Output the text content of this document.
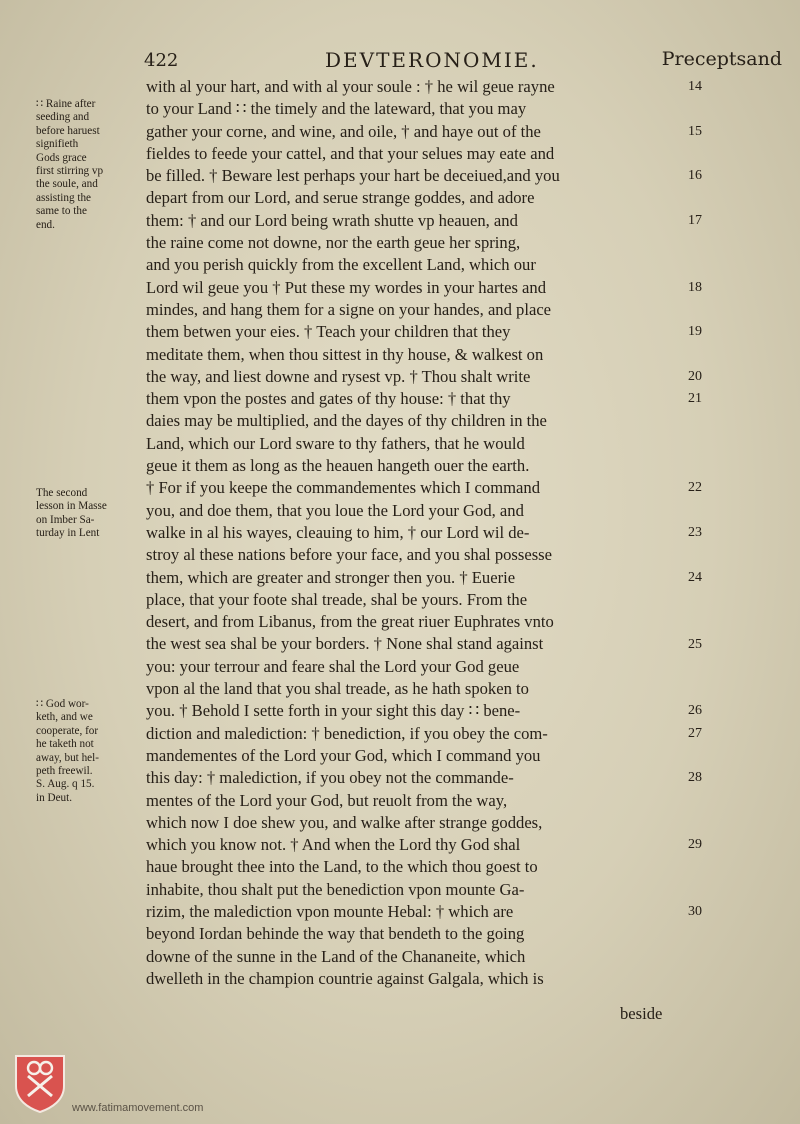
422	DEVTERONOMIE.	Preceptsand
with al your hart, and with al your soule : † he wil geue rayne
to your Land ∷ the timely and the lateward, that you may
gather your corne, and wine, and oile, † and haye out of the
fieldes to feede your cattel, and that your selues may eate and
be filled. † Beware lest perhaps your hart be deceiued,and you
depart from our Lord, and serue strange goddes, and adore
them: † and our Lord being wrath shutte vp heauen, and
the raine come not downe, nor the earth geue her spring,
and you perish quickly from the excellent Land, which our
Lord wil geue you † Put these my wordes in your hartes and
mindes, and hang them for a signe on your handes, and place
them betwen your eies. † Teach your children that they
meditate them, when thou sittest in thy house, & walkest on
the way, and liest downe and rysest vp. † Thou shalt write
them vpon the postes and gates of thy house: † that thy
daies may be multiplied, and the dayes of thy children in the
Land, which our Lord sware to thy fathers, that he would
geue it them as long as the heauen hangeth ouer the earth.
† For if you keepe the commandementes which I command
you, and doe them, that you loue the Lord your God, and
walke in al his wayes, cleauing to him, † our Lord wil de-
stroy al these nations before your face, and you shal possesse
them, which are greater and stronger then you. † Euerie
place, that your foote shal treade, shal be yours. From the
desert, and from Libanus, from the great riuer Euphrates vnto
the west sea shal be your borders. † None shal stand against
you: your terrour and feare shal the Lord your God geue
vpon al the land that you shal treade, as he hath spoken to
you. † Behold I sette forth in your sight this day ∷ bene-
diction and malediction: † benediction, if you obey the com-
mandementes of the Lord your God, which I command you
this day: † malediction, if you obey not the commande-
mentes of the Lord your God, but reuolt from the way,
which now I doe shew you, and walke after strange goddes,
which you know not. † And when the Lord thy God shal
haue brought thee into the Land, to the which thou goest to
inhabite, thou shalt put the benediction vpon mounte Ga-
rizim, the malediction vpon mounte Hebal: † which are
beyond Iordan behinde the way that bendeth to the going
downe of the sunne in the Land of the Chananeite, which
dwelleth in the champion countrie against Galgala, which is
14
15
16
17
18
19
20
21
22
23
24
25
26
27
28
29
30
∷ Raine after
seeding and
before haruest
signifieth
Gods grace
first stirring vp
the soule, and
assisting the
same to the
end.
The second
lesson in Masse
on Imber Sa-
turday in Lent
∷ God wor-
keth, and we
cooperate, for
he taketh not
away, but hel-
peth freewil.
S. Aug. q 15.
in Deut.
beside
www.fatimamovement.com
